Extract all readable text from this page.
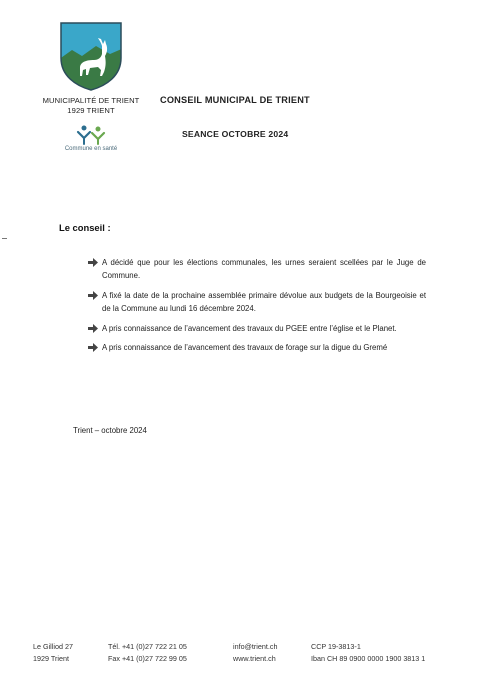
MUNICIPALITÉ DE TRIENT
1929 TRIENT
Commune en santé
CONSEIL MUNICIPAL DE TRIENT
SEANCE OCTOBRE 2024
Le conseil :
A décidé que pour les élections communales, les urnes seraient scellées par le Juge de Commune.
A fixé la date de la prochaine assemblée primaire dévolue aux budgets de la Bourgeoisie et de la Commune au lundi 16 décembre 2024.
A pris connaissance de l’avancement des travaux du PGEE entre l’église et le Planet.
A pris connaissance de l’avancement des travaux de forage sur la digue du Gremé
Trient – octobre 2024
Le Gilliod 27
1929 Trient
Tél. +41 (0)27 722 21 05
Fax +41 (0)27 722 99 05
info@trient.ch
www.trient.ch
CCP 19-3813-1
Iban CH 89 0900 0000 1900 3813 1
